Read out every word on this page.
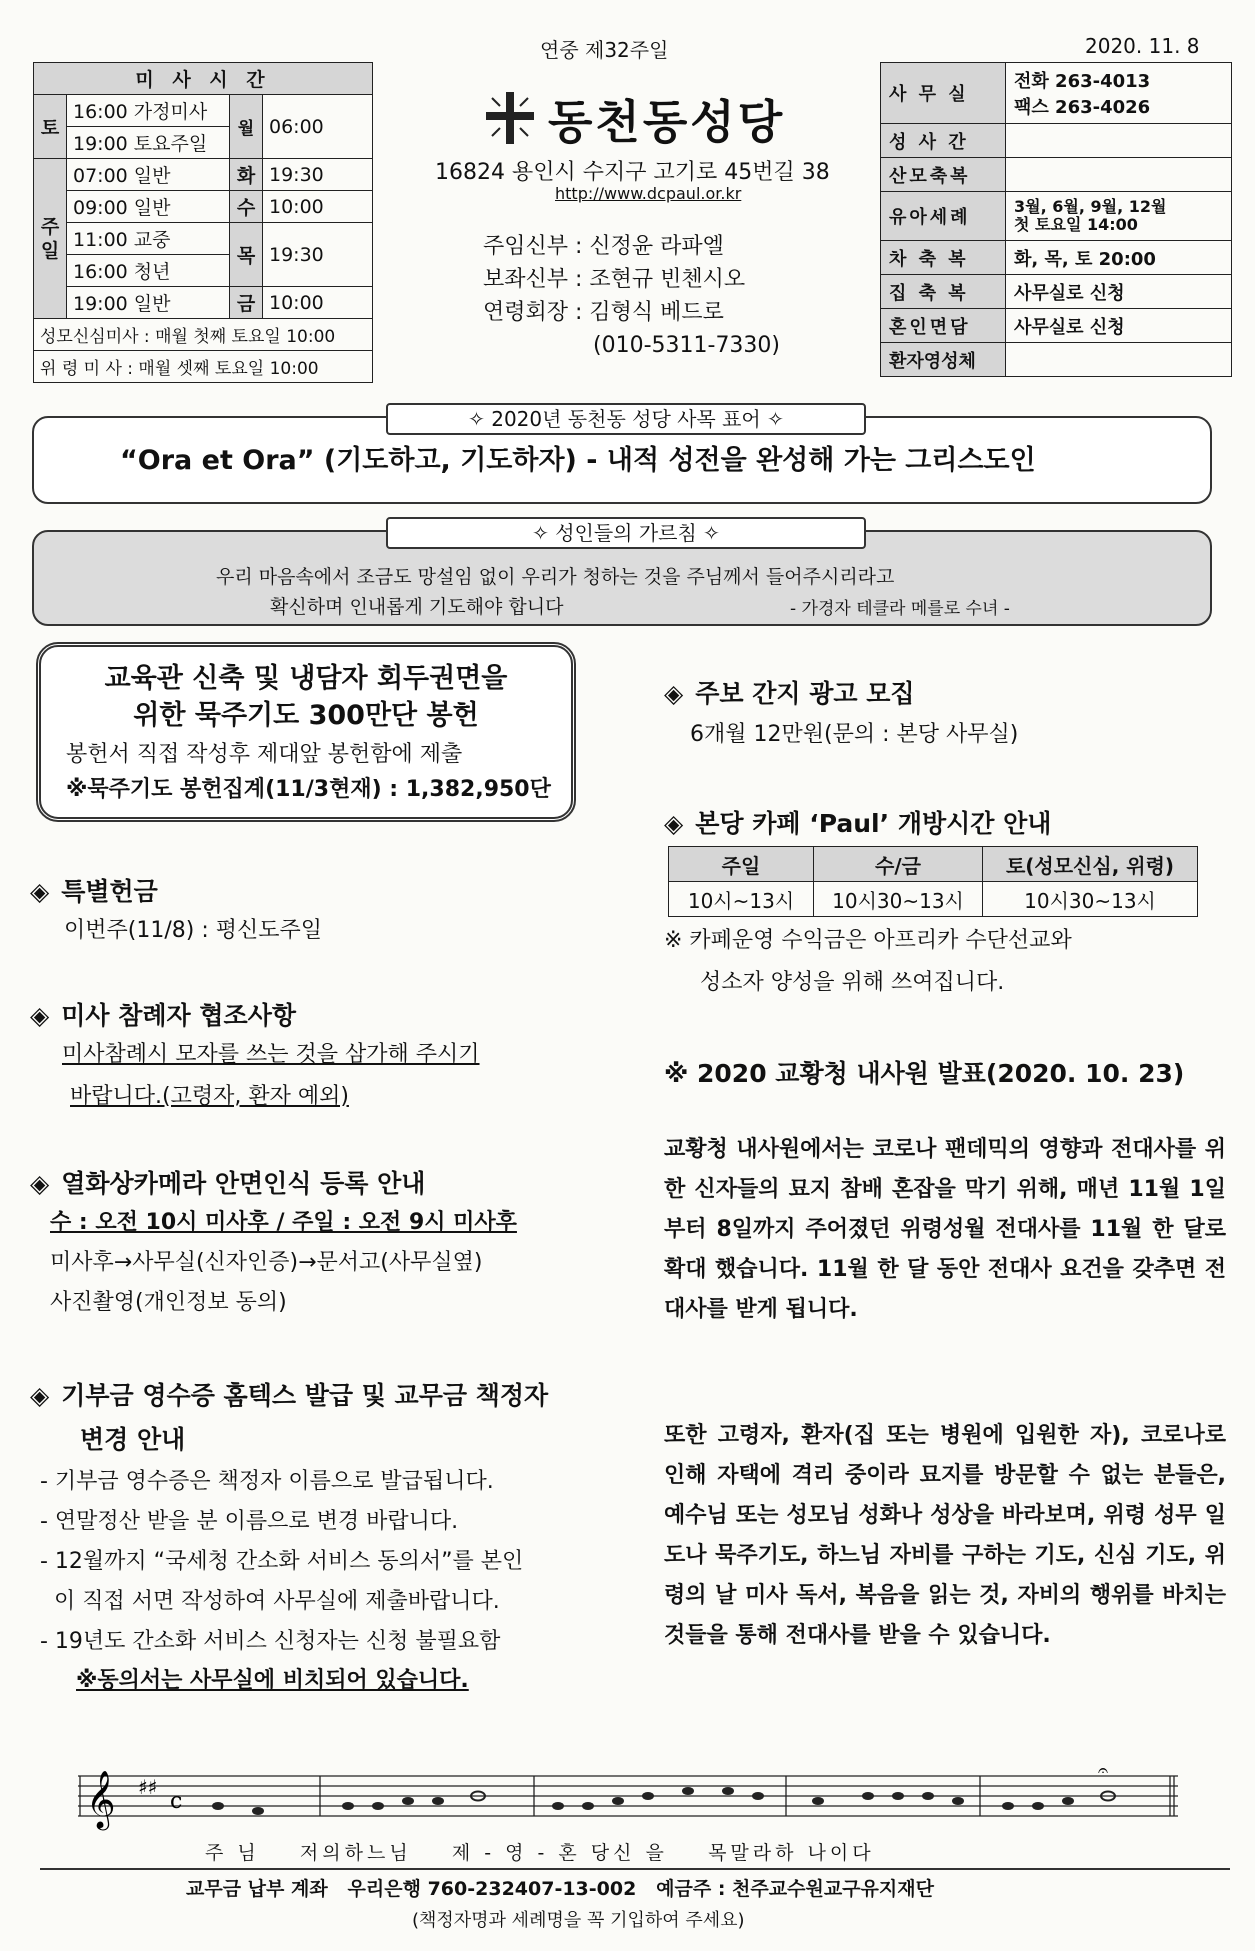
연중 제32주일	2020. 11. 8
미 사 시 간			
토	16:00 가정미사	월	06:00
	19:00 토요주일		
주
일	07:00 일반	화	19:30
	09:00 일반	수	10:00
	11:00 교중	목	19:30
	16:00 청년		
	19:00 일반	금	10:00
성모신심미사 : 매월 첫째 토요일 10:00			
위 령 미 사 : 매월 셋째 토요일 10:00			
동천동성당
16824 용인시 수지구 고기로 45번길 38
http://www.dcpaul.or.kr
주임신부 : 신정윤 라파엘
보좌신부 : 조현규 빈첸시오
연령회장 : 김형식 베드로
(010-5311-7330)
사 무 실	전화 263-4013
팩스 263-4026
성 사 간	
산모축복	
유아세례	3월, 6월, 9월, 12월
첫 토요일 14:00
차 축 복	화, 목, 토 20:00
집 축 복	사무실로 신청
혼인면담	사무실로 신청
환자영성체	
✧ 2020년 동천동 성당 사목 표어 ✧
“Ora et Ora” (기도하고, 기도하자) - 내적 성전을 완성해 가는 그리스도인
✧ 성인들의 가르침 ✧
우리 마음속에서 조금도 망설임 없이 우리가 청하는 것을 주님께서 들어주시리라고
확신하며 인내롭게 기도해야 합니다	- 가경자 테클라 메를로 수녀 -
교육관 신축 및 냉담자 회두권면을
위한 묵주기도 300만단 봉헌
봉헌서 직접 작성후 제대앞 봉헌함에 제출
※묵주기도 봉헌집계(11/3현재) : 1,382,950단
◈ 특별헌금
이번주(11/8) : 평신도주일
◈ 미사 참례자 협조사항
미사참례시 모자를 쓰는 것을 삼가해 주시기
바랍니다.(고령자, 환자 예외)
◈ 열화상카메라 안면인식 등록 안내
수 : 오전 10시 미사후 / 주일 : 오전 9시 미사후
미사후→사무실(신자인증)→문서고(사무실옆)
사진촬영(개인정보 동의)
◈ 기부금 영수증 홈텍스 발급 및 교무금 책정자
변경 안내
- 기부금 영수증은 책정자 이름으로 발급됩니다.
- 연말정산 받을 분 이름으로 변경 바랍니다.
- 12월까지 “국세청 간소화 서비스 동의서”를 본인
이 직접 서면 작성하여 사무실에 제출바랍니다.
- 19년도 간소화 서비스 신청자는 신청 불필요함
※동의서는 사무실에 비치되어 있습니다.
◈ 주보 간지 광고 모집
6개월 12만원(문의 : 본당 사무실)
◈ 본당 카페 ‘Paul’ 개방시간 안내
주일	수/금	토(성모신심, 위령)
10시~13시	10시30~13시	10시30~13시
※ 카페운영 수익금은 아프리카 수단선교와
성소자 양성을 위해 쓰여집니다.
※ 2020 교황청 내사원 발표(2020. 10. 23)
교황청 내사원에서는 코로나 팬데믹의 영향과 전대사를 위한 신자들의 묘지 참배 혼잡을 막기 위해, 매년 11월 1일부터 8일까지 주어졌던 위령성월 전대사를 11월 한 달로 확대 했습니다. 11월 한 달 동안 전대사 요건을 갖추면 전대사를 받게 됩니다.
또한 고령자, 환자(집 또는 병원에 입원한 자), 코로나로 인해 자택에 격리 중이라 묘지를 방문할 수 없는 분들은, 예수님 또는 성모님 성화나 성상을 바라보며, 위령 성무 일도나 묵주기도, 하느님 자비를 구하는 기도, 신심 기도, 위령의 날 미사 독서, 복음을 읽는 것, 자비의 행위를 바치는 것들을 통해 전대사를 받을 수 있습니다.
𝄞 ♯♯
c
𝄐
주 님    저의하느님    제 - 영 - 혼 당신 을    목말라하 나이다
교무금 납부 계좌   우리은행 760-232407-13-002   예금주 : 천주교수원교구유지재단
(책정자명과 세례명을 꼭 기입하여 주세요)
